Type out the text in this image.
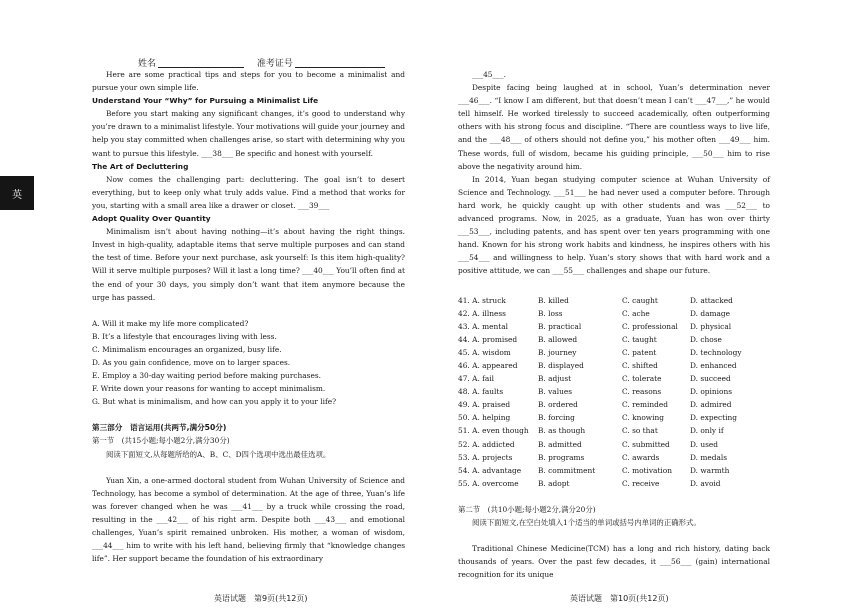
姓名	准考证号
英

Here are some practical tips and steps for you to become a minimalist and pursue your own simple life.

Understand Your “Why” for Pursuing a Minimalist Life

Before you start making any significant changes, it’s good to understand why you’re drawn to a minimalist lifestyle. Your motivations will guide your journey and help you stay committed when challenges arise, so start with determining why you want to pursue this lifestyle. ___38___ Be specific and honest with yourself.

The Art of Decluttering

Now comes the challenging part: decluttering. The goal isn’t to desert everything, but to keep only what truly adds value. Find a method that works for you, starting with a small area like a drawer or closet. ___39___

Adopt Quality Over Quantity

Minimalism isn’t about having nothing—it’s about having the right things. Invest in high-quality, adaptable items that serve multiple purposes and can stand the test of time. Before your next purchase, ask yourself: Is this item high-quality? Will it serve multiple purposes? Will it last a long time? ___40___ You’ll often find at the end of your 30 days, you simply don’t want that item anymore because the urge has passed.

A. Will it make my life more complicated?

B. It’s a lifestyle that encourages living with less.

C. Minimalism encourages an organized, busy life.

D. As you gain confidence, move on to larger spaces.

E. Employ a 30-day waiting period before making purchases.

F. Write down your reasons for wanting to accept minimalism.

G. But what is minimalism, and how can you apply it to your life?

第三部分　语言运用(共两节,满分50分)

第一节　(共15小题;每小题2分,满分30分)

阅读下面短文,从每题所给的A、B、C、D四个选项中选出最佳选项。

Yuan Xin, a one-armed doctoral student from Wuhan University of Science and Technology, has become a symbol of determination. At the age of three, Yuan’s life was forever changed when he was ___41___ by a truck while crossing the road, resulting in the ___42___ of his right arm. Despite both ___43___ and emotional challenges, Yuan’s spirit remained unbroken. His mother, a woman of wisdom, ___44___ him to write with his left hand, believing firmly that “knowledge changes life”. Her support became the foundation of his extraordinary

___45___.

Despite facing being laughed at in school, Yuan’s determination never ___46___. “I know I am different, but that doesn’t mean I can’t ___47___,” he would tell himself. He worked tirelessly to succeed academically, often outperforming others with his strong focus and discipline. “There are countless ways to live life, and the ___48___ of others should not define you,” his mother often ___49___ him. These words, full of wisdom, became his guiding principle, ___50___ him to rise above the negativity around him.

In 2014, Yuan began studying computer science at Wuhan University of Science and Technology. ___51___ he had never used a computer before. Through hard work, he quickly caught up with other students and was ___52___ to advanced programs. Now, in 2025, as a graduate, Yuan has won over thirty ___53___, including patents, and has spent over ten years programming with one hand. Known for his strong work habits and kindness, he inspires others with his ___54___ and willingness to help. Yuan’s story shows that with hard work and a positive attitude, we can ___55___ challenges and shape our future.

41. A. struck	B. killed	C. caught	D. attacked
42. A. illness	B. loss	C. ache	D. damage
43. A. mental	B. practical	C. professional	D. physical
44. A. promised	B. allowed	C. taught	D. chose
45. A. wisdom	B. journey	C. patent	D. technology
46. A. appeared	B. displayed	C. shifted	D. enhanced
47. A. fail	B. adjust	C. tolerate	D. succeed
48. A. faults	B. values	C. reasons	D. opinions
49. A. praised	B. ordered	C. reminded	D. admired
50. A. helping	B. forcing	C. knowing	D. expecting
51. A. even though	B. as though	C. so that	D. only if
52. A. addicted	B. admitted	C. submitted	D. used
53. A. projects	B. programs	C. awards	D. medals
54. A. advantage	B. commitment	C. motivation	D. warmth
55. A. overcome	B. adopt	C. receive	D. avoid

第二节　(共10小题;每小题2分,满分20分)

阅读下面短文,在空白处填入1个适当的单词或括号内单词的正确形式。

Traditional Chinese Medicine(TCM) has a long and rich history, dating back thousands of years. Over the past few decades, it ___56___ (gain) international recognition for its unique

英语试题　第9页(共12页)	英语试题　第10页(共12页)
